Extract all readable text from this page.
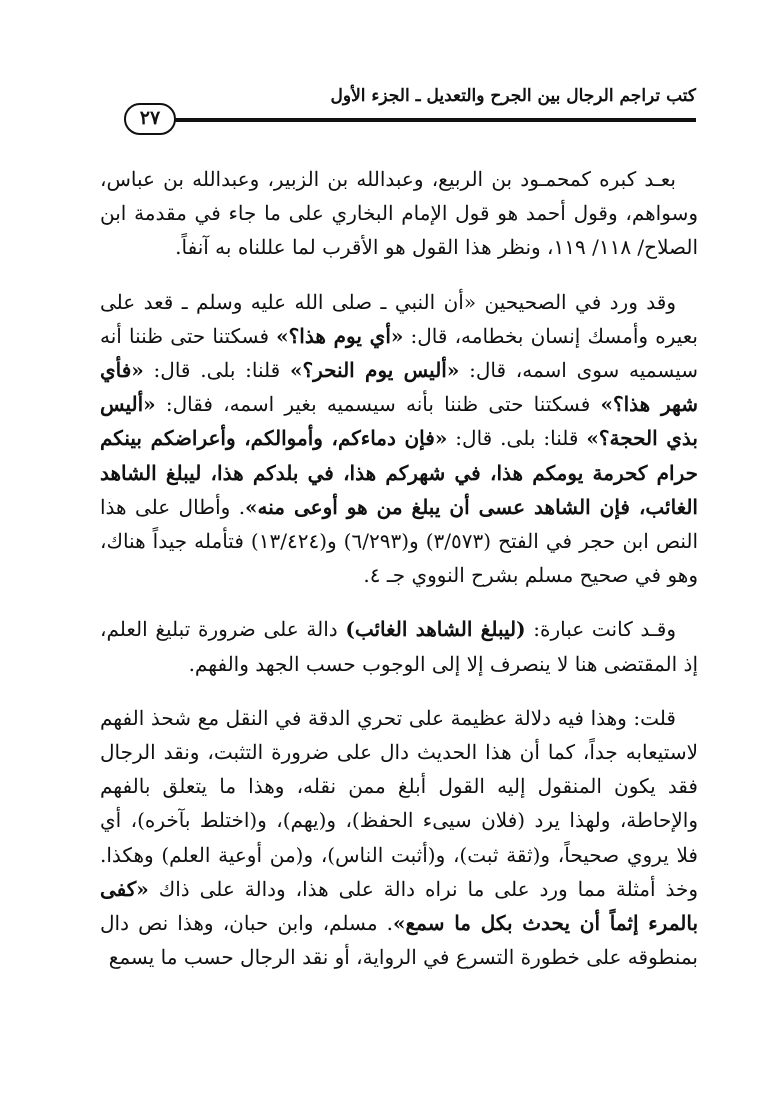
كتب تراجم الرجال بين الجرح والتعديل ـ الجزء الأول
٢٧

بعـد كبره كمحمـود بن الربيع، وعبدالله بن الزبير، وعبدالله بن عباس، وسواهم، وقول أحمد هو قول الإمام البخاري على ما جاء في مقدمة ابن الصلاح/ ١١٨/ ١١٩، ونظر هذا القول هو الأقرب لما عللناه به آنفاً.

وقد ورد في الصحيحين «أن النبي ـ صلى الله عليه وسلم ـ قعد على بعيره وأمسك إنسان بخطامه، قال: «أي يوم هذا؟» فسكتنا حتى ظننا أنه سيسميه سوى اسمه، قال: «أليس يوم النحر؟» قلنا: بلى. قال: «فأي شهر هذا؟» فسكتنا حتى ظننا بأنه سيسميه بغير اسمه، فقال: «أليس بذي الحجة؟» قلنا: بلى. قال: «فإن دماءكم، وأموالكم، وأعراضكم بينكم حرام كحرمة يومكم هذا، في شهركم هذا، في بلدكم هذا، ليبلغ الشاهد الغائب، فإن الشاهد عسى أن يبلغ من هو أوعى منه». وأطال على هذا النص ابن حجر في الفتح (٣/٥٧٣) و(٦/٢٩٣) و(١٣/٤٢٤) فتأمله جيداً هناك، وهو في صحيح مسلم بشرح النووي جـ ٤.

وقـد كانت عبارة: (ليبلغ الشاهد الغائب) دالة على ضرورة تبليغ العلم، إذ المقتضى هنا لا ينصرف إلا إلى الوجوب حسب الجهد والفهم.

قلت: وهذا فيه دلالة عظيمة على تحري الدقة في النقل مع شحذ الفهم لاستيعابه جداً، كما أن هذا الحديث دال على ضرورة التثبت، ونقد الرجال فقد يكون المنقول إليه القول أبلغ ممن نقله، وهذا ما يتعلق بالفهم والإحاطة، ولهذا يرد (فلان سيىء الحفظ)، و(يهم)، و(اختلط بآخره)، أي فلا يروي صحيحاً، و(ثقة ثبت)، و(أثبت الناس)، و(من أوعية العلم) وهكذا. وخذ أمثلة مما ورد على ما نراه دالة على هذا، ودالة على ذاك «كفى بالمرء إثماً أن يحدث بكل ما سمع». مسلم، وابن حبان، وهذا نص دال بمنطوقه على خطورة التسرع في الرواية، أو نقد الرجال حسب ما يسمع
